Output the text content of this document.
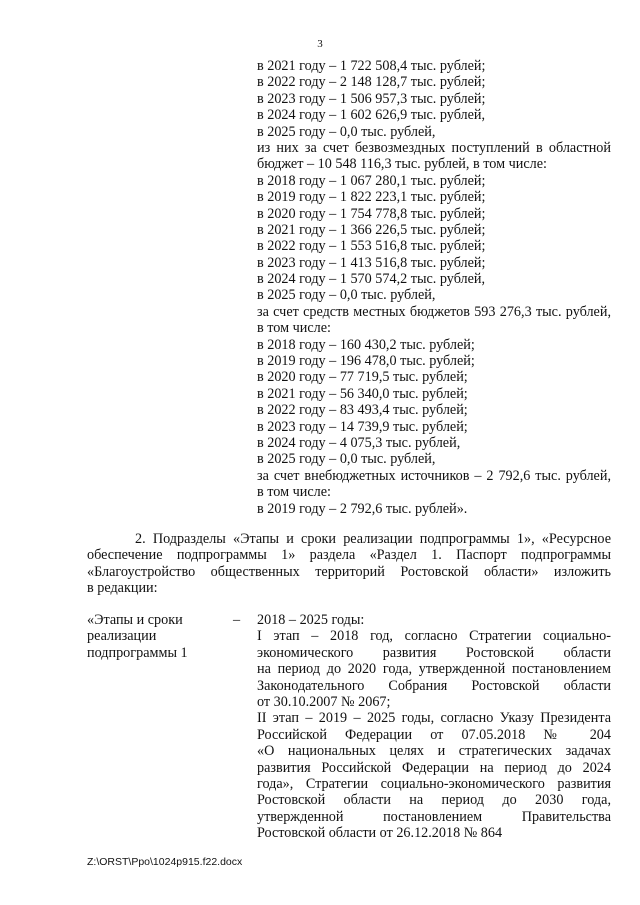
3
в 2021 году – 1 722 508,4 тыс. рублей;
в 2022 году – 2 148 128,7 тыс. рублей;
в 2023 году – 1 506 957,3 тыс. рублей;
в 2024 году – 1 602 626,9 тыс. рублей,
в 2025 году – 0,0 тыс. рублей,
из них за счет безвозмездных поступлений в областной
бюджет – 10 548 116,3 тыс. рублей, в том числе:
в 2018 году – 1 067 280,1 тыс. рублей;
в 2019 году – 1 822 223,1 тыс. рублей;
в 2020 году – 1 754 778,8 тыс. рублей;
в 2021 году – 1 366 226,5 тыс. рублей;
в 2022 году – 1 553 516,8 тыс. рублей;
в 2023 году – 1 413 516,8 тыс. рублей;
в 2024 году – 1 570 574,2 тыс. рублей,
в 2025 году – 0,0 тыс. рублей,
за счет средств местных бюджетов 593 276,3 тыс. рублей,
в том числе:
в 2018 году – 160 430,2 тыс. рублей;
в 2019 году – 196 478,0 тыс. рублей;
в 2020 году – 77 719,5 тыс. рублей;
в 2021 году – 56 340,0 тыс. рублей;
в 2022 году – 83 493,4 тыс. рублей;
в 2023 году – 14 739,9 тыс. рублей;
в 2024 году – 4 075,3 тыс. рублей,
в 2025 году – 0,0 тыс. рублей,
за счет внебюджетных источников – 2 792,6 тыс. рублей,
в том числе:
в 2019 году – 2 792,6 тыс. рублей».
2. Подразделы «Этапы и сроки реализации подпрограммы 1», «Ресурсное
обеспечение подпрограммы 1» раздела «Раздел 1. Паспорт подпрограммы
«Благоустройство общественных территорий Ростовской области» изложить
в редакции:
«Этапы и сроки
реализации
подпрограммы 1
– 2018 – 2025 годы:
I этап – 2018 год, согласно Стратегии социально-
экономического развития Ростовской области
на период до 2020 года, утвержденной постановлением
Законодательного Собрания Ростовской области
от 30.10.2007 № 2067;
II этап – 2019 – 2025 годы, согласно Указу Президента
Российской Федерации от 07.05.2018 № 204
«О национальных целях и стратегических задачах
развития Российской Федерации на период до 2024
года», Стратегии социально-экономического развития
Ростовской области на период до 2030 года,
утвержденной постановлением Правительства
Ростовской области от 26.12.2018 № 864
Z:\ORST\Ppo\1024p915.f22.docx
